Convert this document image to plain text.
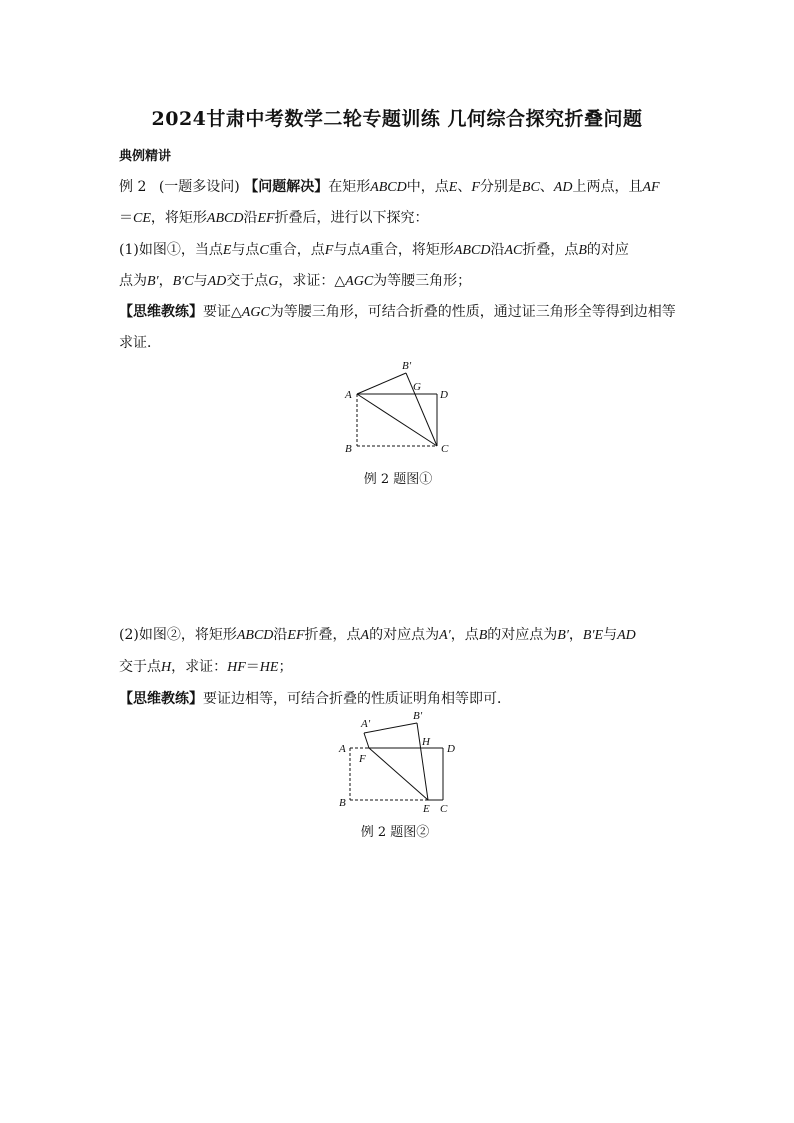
2024甘肃中考数学二轮专题训练 几何综合探究折叠问题
典例精讲
例 2 (一题多设问) 【问题解决】在矩形ABCD中，点E、F分别是BC、AD上两点，且AF
＝CE，将矩形ABCD沿EF折叠后，进行以下探究：
(1)如图①，当点E与点C重合，点F与点A重合，将矩形ABCD沿AC折叠，点B的对应
点为B′，B′C与AD交于点G，求证：△AGC为等腰三角形；
【思维教练】要证△AGC为等腰三角形，可结合折叠的性质，通过证三角形全等得到边相等
求证．
A
B	C
D
G
B′
A
B	C
D
E
F
H
A′
B′
例 2 题图①
(2)如图②，将矩形ABCD沿EF折叠，点A的对应点为A′，点B的对应点为B′，B′E与AD
交于点H，求证：HF＝HE；
【思维教练】要证边相等，可结合折叠的性质证明角相等即可．
例 2 题图②
